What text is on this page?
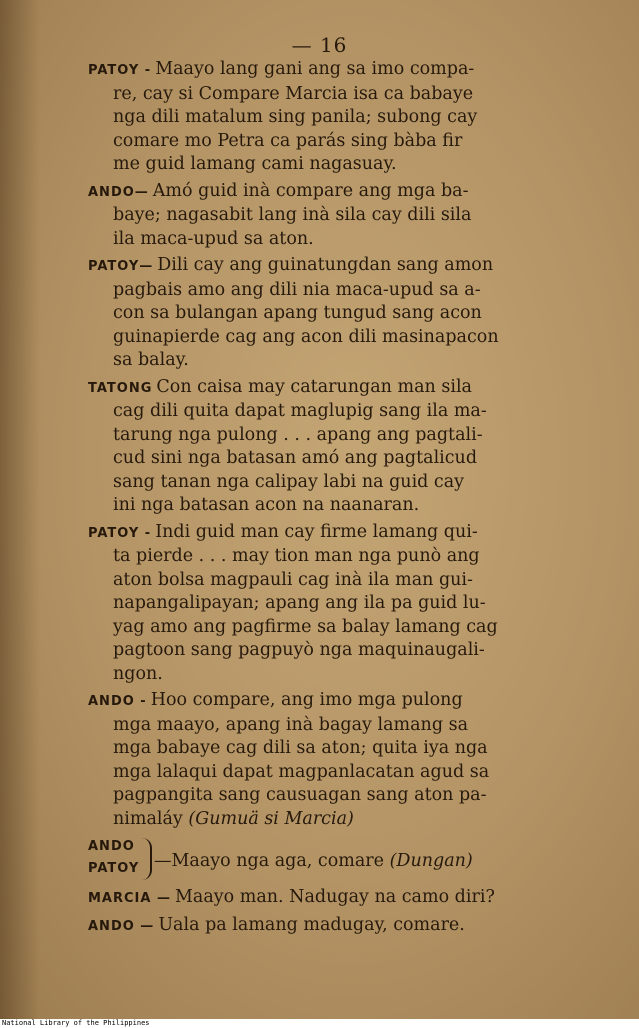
— 16
PATOY - Maayo lang gani ang sa imo compa-
re, cay si Compare Marcia isa ca babaye
nga dili matalum sing panila; subong cay
comare mo Petra ca parás sing bàba fir
me guid lamang cami nagasuay.
ANDO— Amó guid inà compare ang mga ba-
baye; nagasabit lang inà sila cay dili sila
ila maca-upud sa aton.
PATOY— Dili cay ang guinatungdan sang amon
pagbais amo ang dili nia maca-upud sa a-
con sa bulangan apang tungud sang acon
guinapierde cag ang acon dili masinapacon
sa balay.
TATONG Con caisa may catarungan man sila
cag dili quita dapat maglupig sang ila ma-
tarung nga pulong . . . apang ang pagtali-
cud sini nga batasan amó ang pagtalicud
sang tanan nga calipay labi na guid cay
ini nga batasan acon na naanaran.
PATOY - Indi guid man cay firme lamang qui-
ta pierde . . . may tion man nga punò ang
aton bolsa magpauli cag inà ila man gui-
napangalipayan; apang ang ila pa guid lu-
yag amo ang pagfirme sa balay lamang cag
pagtoon sang pagpuyò nga maquinaugali-
ngon.
ANDO - Hoo compare, ang imo mga pulong
mga maayo, apang inà bagay lamang sa
mga babaye cag dili sa aton; quita iya nga
mga lalaqui dapat magpanlacatan agud sa
pagpangita sang causuagan sang aton pa-
nimaláy (Gumuä si Marcia)
ANDO
PATOY —Maayo nga aga, comare (Dungan)
MARCIA — Maayo man. Nadugay na camo diri?
ANDO — Uala pa lamang madugay, comare.
National Library of the Philippines
